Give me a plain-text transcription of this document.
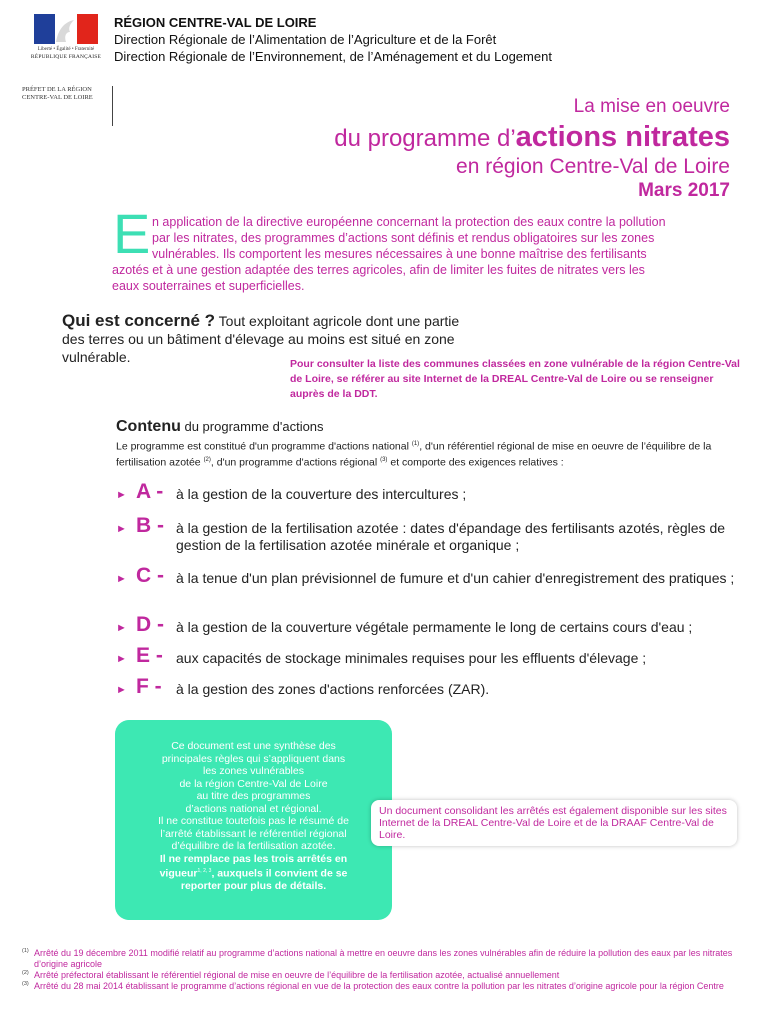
Liberté • Égalité • Fraternité
RÉPUBLIQUE FRANÇAISE
PRÉFET DE LA RÉGION
CENTRE-VAL DE LOIRE
RÉGION CENTRE-VAL DE LOIRE
Direction Régionale de l’Alimentation de l’Agriculture et de la Forêt
Direction Régionale de l’Environnement, de l’Aménagement et du Logement
La mise en oeuvre
du programme d’actions nitrates
en région Centre-Val de Loire
Mars 2017
E n application de la directive européenne concernant la protection des eaux contre la pollution
par les nitrates, des programmes d’actions sont définis et rendus obligatoires sur les zones
vulnérables. Ils comportent les mesures nécessaires à une bonne maîtrise des fertilisants
azotés et à une gestion adaptée des terres agricoles, afin de limiter les fuites de nitrates vers les
eaux souterraines et superficielles.
Qui est concerné ? Tout exploitant agricole dont une partie des terres ou un bâtiment d'élevage au moins est situé en zone vulnérable.	Pour consulter la liste des communes classées en zone vulnérable de la région Centre-Val de Loire, se référer au site Internet de la DREAL Centre-Val de Loire ou se renseigner auprès de la DDT.
Contenu du programme d'actions
Le programme est constitué d'un programme d'actions national $^{(1)}$, d'un référentiel régional de mise en oeuvre de l’équilibre de la fertilisation azotée $^{(2)}$, d'un programme d'actions régional $^{(3)}$ et comporte des exigences relatives :
► A - à la gestion de la couverture des intercultures ;
► B - à la gestion de la fertilisation azotée : dates d'épandage des fertilisants azotés, règles de gestion de la fertilisation azotée minérale et organique ;
► C - à la tenue d'un plan prévisionnel de fumure et d'un cahier d'enregistrement des pratiques ;
► D - à la gestion de la couverture végétale permamente le long de certains cours d'eau ;
► E - aux capacités de stockage minimales requises pour les effluents d'élevage ;
► F - à la gestion des zones d'actions renforcées (ZAR).
Ce document est une synthèse des
principales règles qui s’appliquent dans
les zones vulnérables
de la région Centre-Val de Loire
au titre des programmes
d’actions national et régional.
Il ne constitue toutefois pas le résumé de
l’arrêté établissant le référentiel régional
d’équilibre de la fertilisation azotée.
Il ne remplace pas les trois arrêtés en
vigueur$^{1, 2, 3}$, auxquels il convient de se
reporter pour plus de détails.
Un document consolidant les arrêtés est également disponible sur les sites Internet de la DREAL Centre-Val de Loire et de la DRAAF Centre-Val de Loire.
(1) Arrêté du 19 décembre 2011 modifié relatif au programme d’actions national à mettre en oeuvre dans les zones vulnérables afin de réduire la pollution des eaux par les nitrates d’origine agricole
(2) Arrêté préfectoral établissant le référentiel régional de mise en oeuvre de l’équilibre de la fertilisation azotée, actualisé annuellement
(3) Arrêté du 28 mai 2014 établissant le programme d’actions régional en vue de la protection des eaux contre la pollution par les nitrates d’origine agricole pour la région Centre
